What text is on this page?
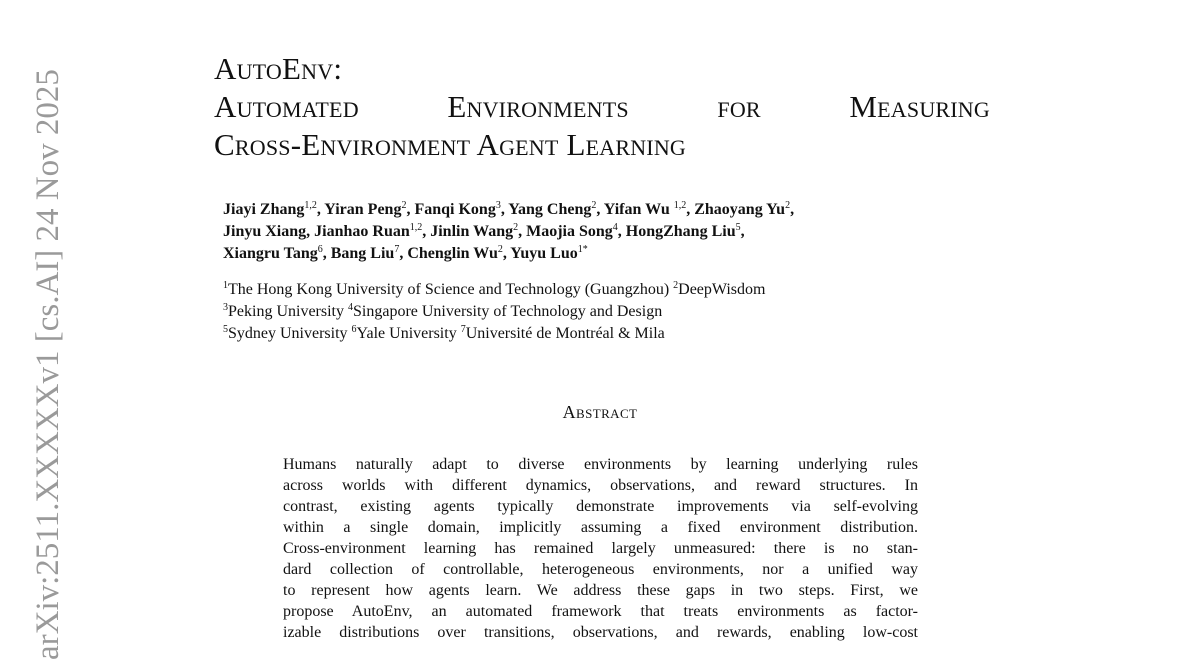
arXiv:2511.XXXXXv1 [cs.AI] 24 Nov 2025
AutoEnv:
Automated Environments for Measuring
Cross-Environment Agent Learning
Jiayi Zhang$^{1,2}$, Yiran Peng$^2$, Fanqi Kong$^3$, Yang Cheng$^2$, Yifan Wu $^{1,2}$, Zhaoyang Yu$^2$,
Jinyu Xiang, Jianhao Ruan$^{1,2}$, Jinlin Wang$^2$, Maojia Song$^4$, HongZhang Liu$^5$,
Xiangru Tang$^6$, Bang Liu$^7$, Chenglin Wu$^2$, Yuyu Luo$^{1*}$
$^1$The Hong Kong University of Science and Technology (Guangzhou) $^2$DeepWisdom
$^3$Peking University $^4$Singapore University of Technology and Design
$^5$Sydney University $^6$Yale University $^7$Université de Montréal & Mila
Abstract
Humans naturally adapt to diverse environments by learning underlying rules
across worlds with different dynamics, observations, and reward structures. In
contrast, existing agents typically demonstrate improvements via self-evolving
within a single domain, implicitly assuming a fixed environment distribution.
Cross-environment learning has remained largely unmeasured: there is no stan-
dard collection of controllable, heterogeneous environments, nor a unified way
to represent how agents learn. We address these gaps in two steps. First, we
propose AutoEnv, an automated framework that treats environments as factor-
izable distributions over transitions, observations, and rewards, enabling low-cost
